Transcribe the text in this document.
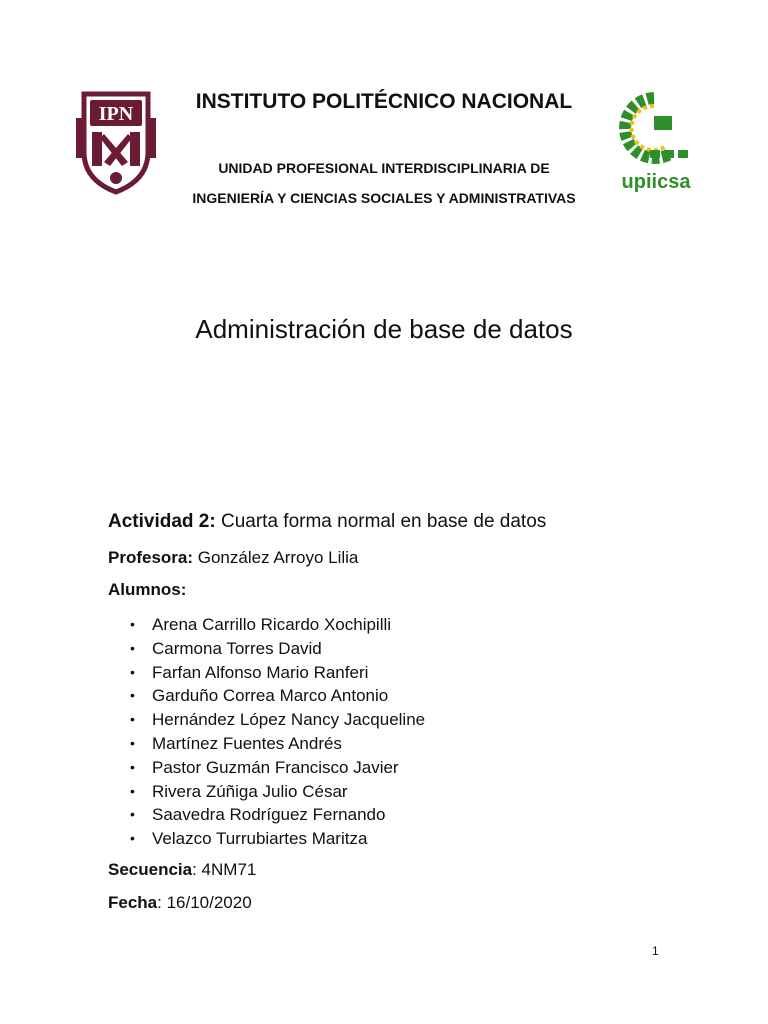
IPN
INSTITUTO POLITÉCNICO NACIONAL
UNIDAD PROFESIONAL INTERDISCIPLINARIA DE
INGENIERÍA Y CIENCIAS SOCIALES Y ADMINISTRATIVAS
upiicsa
Administración de base de datos
Actividad 2: Cuarta forma normal en base de datos
Profesora: González Arroyo Lilia
Alumnos:
• Arena Carrillo Ricardo Xochipilli
• Carmona Torres David
• Farfan Alfonso Mario Ranferi
• Garduño Correa Marco Antonio
• Hernández López Nancy Jacqueline
• Martínez Fuentes Andrés
• Pastor Guzmán Francisco Javier
• Rivera Zúñiga Julio César
• Saavedra Rodríguez Fernando
• Velazco Turrubiartes Maritza
Secuencia: 4NM71
Fecha: 16/10/2020
1
